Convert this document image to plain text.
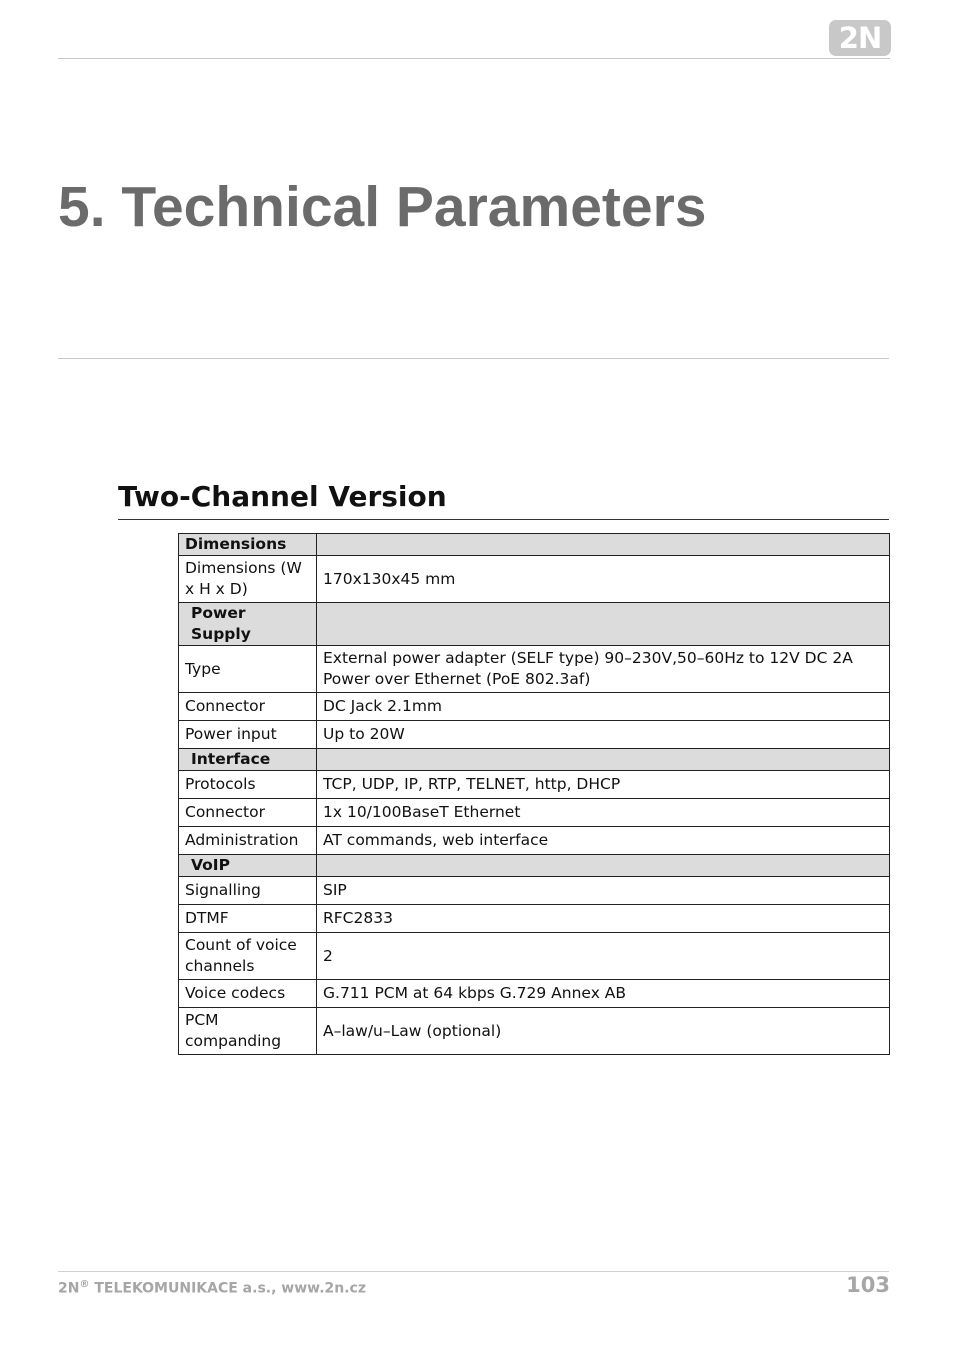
2N
5. Technical Parameters
Two-Channel Version
Dimensions	
Dimensions (W x H x D)	170x130x45 mm
Power Supply	
Type	External power adapter (SELF type) 90–230V,50–60Hz to 12V DC 2A Power over Ethernet (PoE 802.3af)
Connector	DC Jack 2.1mm
Power input	Up to 20W
Interface	
Protocols	TCP, UDP, IP, RTP, TELNET, http, DHCP
Connector	1x 10/100BaseT Ethernet
Administration	AT commands, web interface
VoIP	
Signalling	SIP
DTMF	RFC2833
Count of voice channels	2
Voice codecs	G.711 PCM at 64 kbps G.729 Annex AB
PCM companding	A–law/u–Law (optional)
2N® TELEKOMUNIKACE a.s., www.2n.cz	103
